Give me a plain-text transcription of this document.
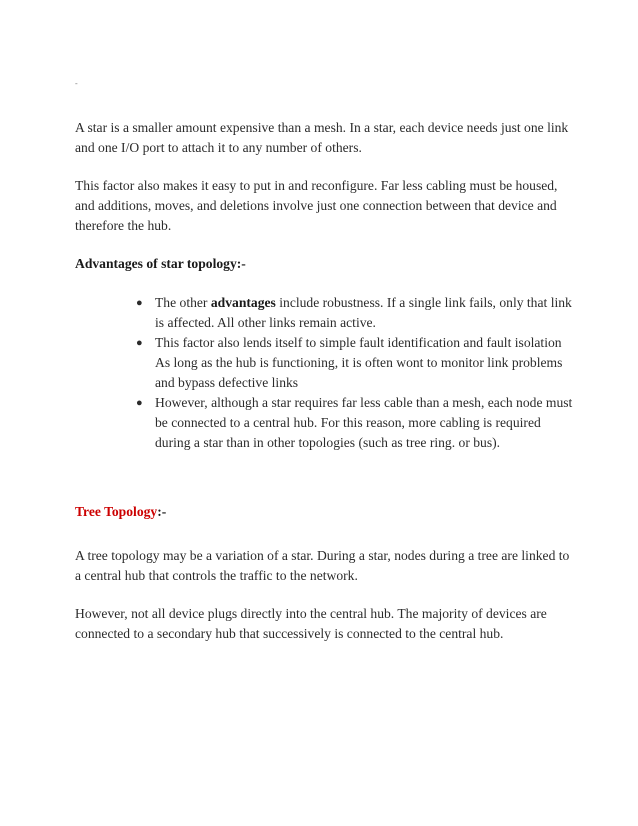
-

A star is a smaller amount expensive than a mesh. In a star, each device needs just one link and one I/O port to attach it to any number of others.

This factor also makes it easy to put in and reconfigure. Far less cabling must be housed, and additions, moves, and deletions involve just one connection between that device and therefore the hub.

Advantages of star topology:-

● The other advantages include robustness. If a single link fails, only that link is affected. All other links remain active.
● This factor also lends itself to simple fault identification and fault isolation As long as the hub is functioning, it is often wont to monitor link problems and bypass defective links
● However, although a star requires far less cable than a mesh, each node must be connected to a central hub. For this reason, more cabling is required during a star than in other topologies (such as tree ring. or bus).

Tree Topology:-

A tree topology may be a variation of a star. During a star, nodes during a tree are linked to a central hub that controls the traffic to the network.

However, not all device plugs directly into the central hub. The majority of devices are connected to a secondary hub that successively is connected to the central hub.
